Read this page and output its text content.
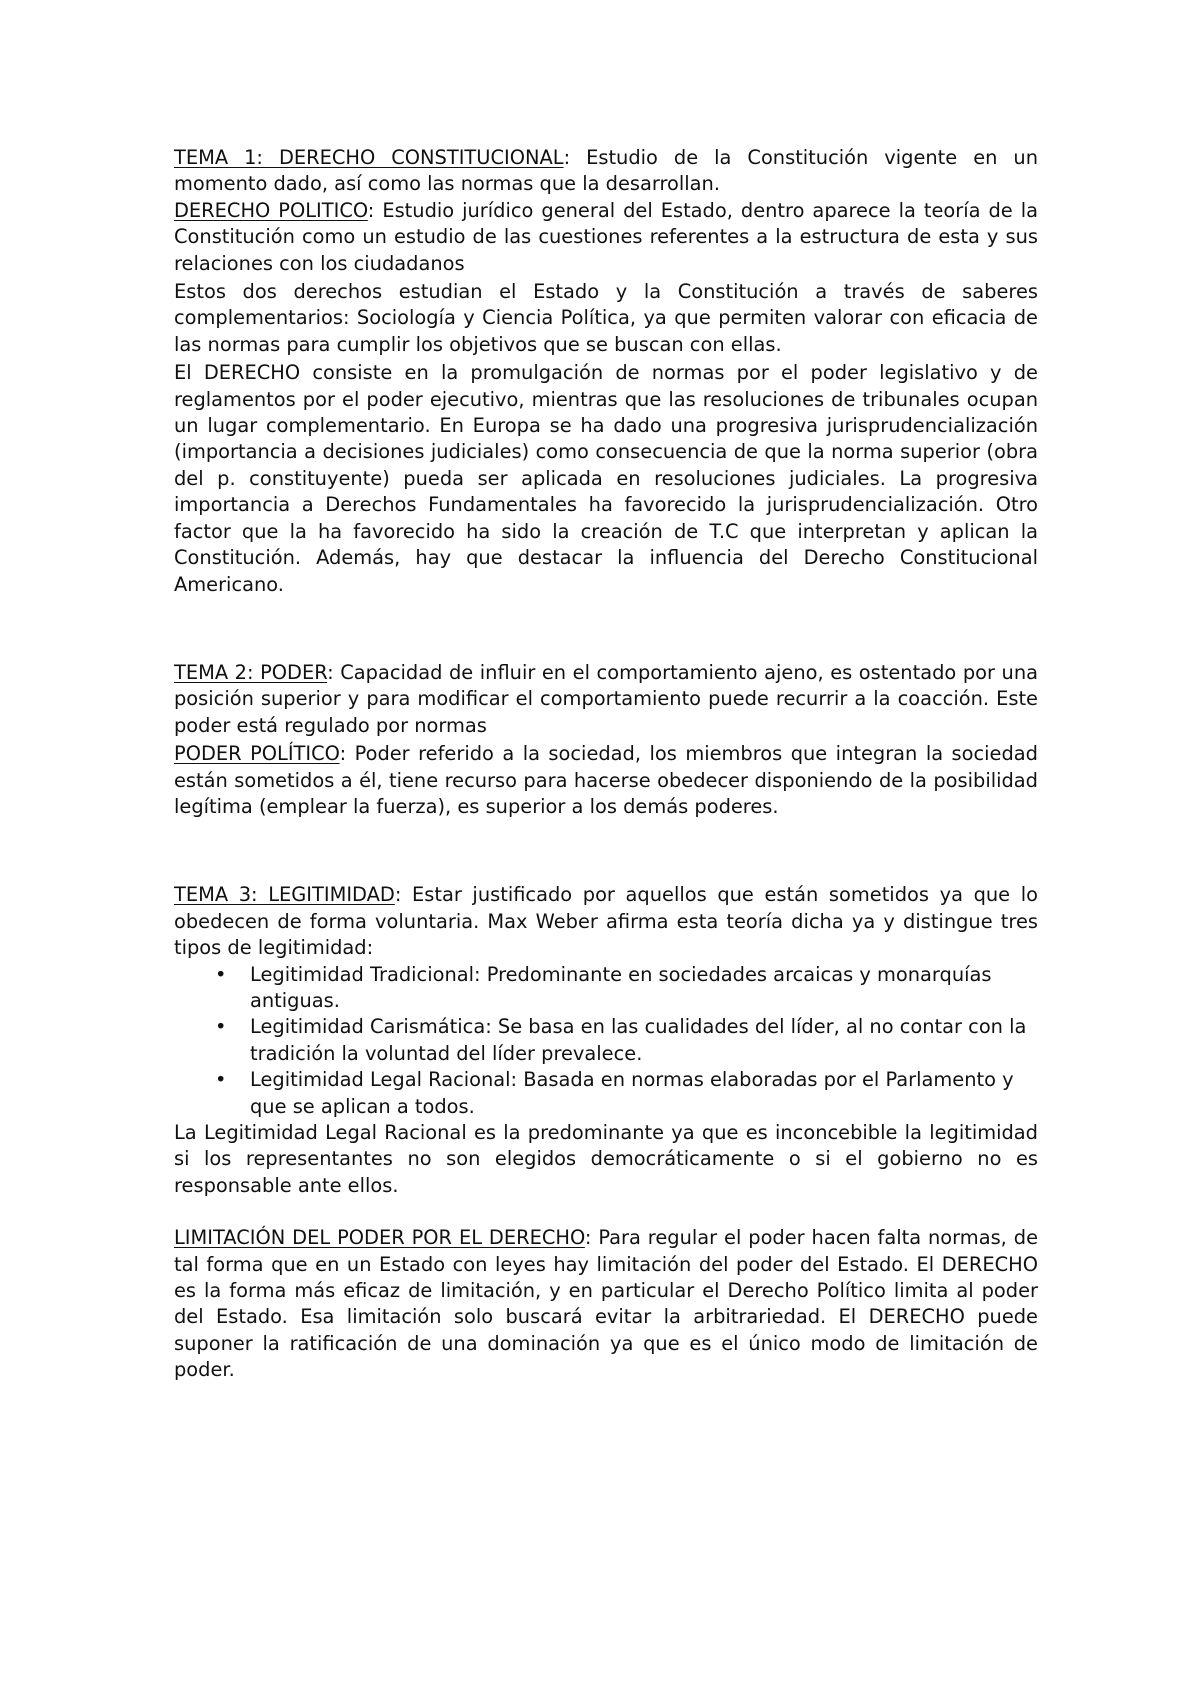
TEMA 1: DERECHO CONSTITUCIONAL: Estudio de la Constitución vigente en un momento dado, así como las normas que la desarrollan.

DERECHO POLITICO: Estudio jurídico general del Estado, dentro aparece la teoría de la Constitución como un estudio de las cuestiones referentes a la estructura de esta y sus relaciones con los ciudadanos

Estos dos derechos estudian el Estado y la Constitución a través de saberes complementarios: Sociología y Ciencia Política, ya que permiten valorar con eficacia de las normas para cumplir los objetivos que se buscan con ellas.

El DERECHO consiste en la promulgación de normas por el poder legislativo y de reglamentos por el poder ejecutivo, mientras que las resoluciones de tribunales ocupan un lugar complementario. En Europa se ha dado una progresiva jurisprudencialización (importancia a decisiones judiciales) como consecuencia de que la norma superior (obra del p. constituyente) pueda ser aplicada en resoluciones judiciales. La progresiva importancia a Derechos Fundamentales ha favorecido la jurisprudencialización. Otro factor que la ha favorecido ha sido la creación de T.C que interpretan y aplican la Constitución. Además, hay que destacar la influencia del Derecho Constitucional Americano.

TEMA 2: PODER: Capacidad de influir en el comportamiento ajeno, es ostentado por una posición superior y para modificar el comportamiento puede recurrir a la coacción. Este poder está regulado por normas

PODER POLÍTICO: Poder referido a la sociedad, los miembros que integran la sociedad están sometidos a él, tiene recurso para hacerse obedecer disponiendo de la posibilidad legítima (emplear la fuerza), es superior a los demás poderes.

TEMA 3: LEGITIMIDAD: Estar justificado por aquellos que están sometidos ya que lo obedecen de forma voluntaria. Max Weber afirma esta teoría dicha ya y distingue tres tipos de legitimidad:

• Legitimidad Tradicional: Predominante en sociedades arcaicas y monarquías antiguas.
• Legitimidad Carismática: Se basa en las cualidades del líder, al no contar con la tradición la voluntad del líder prevalece.
• Legitimidad Legal Racional: Basada en normas elaboradas por el Parlamento y que se aplican a todos.

La Legitimidad Legal Racional es la predominante ya que es inconcebible la legitimidad si los representantes no son elegidos democráticamente o si el gobierno no es responsable ante ellos.

LIMITACIÓN DEL PODER POR EL DERECHO: Para regular el poder hacen falta normas, de tal forma que en un Estado con leyes hay limitación del poder del Estado. El DERECHO es la forma más eficaz de limitación, y en particular el Derecho Político limita al poder del Estado. Esa limitación solo buscará evitar la arbitrariedad. El DERECHO puede suponer la ratificación de una dominación ya que es el único modo de limitación de poder.
